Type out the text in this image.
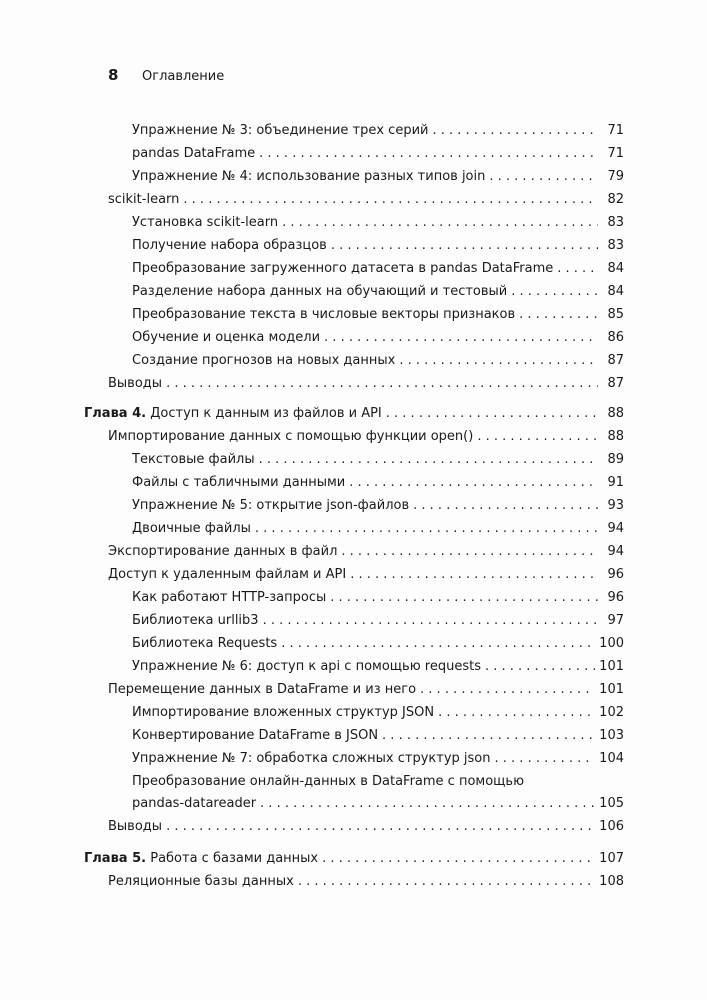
8	Оглавление
Упражнение № 3: объединение трех серий . . .	71
pandas DataFrame . . .	71
Упражнение № 4: использование разных типов join . . .	79
scikit-learn . . .	82
Установка scikit-learn . . .	83
Получение набора образцов . . .	83
Преобразование загруженного датасета в pandas DataFrame . . .	84
Разделение набора данных на обучающий и тестовый . . .	84
Преобразование текста в числовые векторы признаков . . .	85
Обучение и оценка модели . . .	86
Создание прогнозов на новых данных . . .	87
Выводы . . .	87
Глава 4. Доступ к данным из файлов и API . . .	88
Импортирование данных с помощью функции open() . . .	88
Текстовые файлы . . .	89
Файлы с табличными данными . . .	91
Упражнение № 5: открытие json-файлов . . .	93
Двоичные файлы . . .	94
Экспортирование данных в файл . . .	94
Доступ к удаленным файлам и API . . .	96
Как работают HTTP-запросы . . .	96
Библиотека urllib3 . . .	97
Библиотека Requests . . .	100
Упражнение № 6: доступ к api с помощью requests . . .	101
Перемещение данных в DataFrame и из него . . .	101
Импортирование вложенных структур JSON . . .	102
Конвертирование DataFrame в JSON . . .	103
Упражнение № 7: обработка сложных структур json . . .	104
Преобразование онлайн-данных в DataFrame с помощью
pandas-datareader . . .	105
Выводы . . .	106
Глава 5. Работа с базами данных . . .	107
Реляционные базы данных . . .	108
